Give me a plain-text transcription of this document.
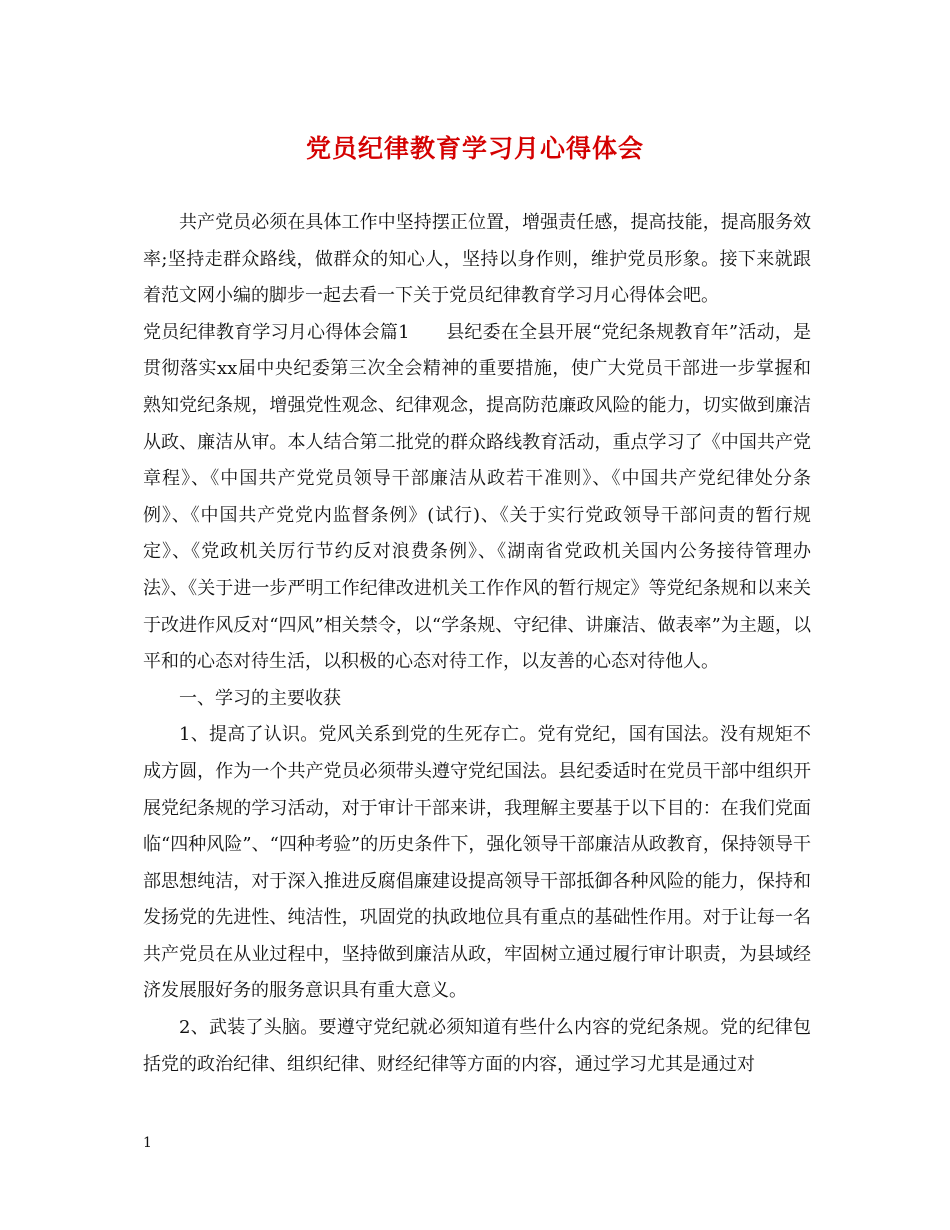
党员纪律教育学习月心得体会

共产党员必须在具体工作中坚持摆正位置，增强责任感，提高技能，提高服务效率;坚持走群众路线，做群众的知心人，坚持以身作则，维护党员形象。接下来就跟着范文网小编的脚步一起去看一下关于党员纪律教育学习月心得体会吧。

党员纪律教育学习月心得体会篇1　　县纪委在全县开展“党纪条规教育年”活动，是贯彻落实xx届中央纪委第三次全会精神的重要措施，使广大党员干部进一步掌握和熟知党纪条规，增强党性观念、纪律观念，提高防范廉政风险的能力，切实做到廉洁从政、廉洁从审。本人结合第二批党的群众路线教育活动，重点学习了《中国共产党章程》、《中国共产党党员领导干部廉洁从政若干准则》、《中国共产党纪律处分条例》、《中国共产党党内监督条例》(试行)、《关于实行党政领导干部问责的暂行规定》、《党政机关厉行节约反对浪费条例》、《湖南省党政机关国内公务接待管理办法》、《关于进一步严明工作纪律改进机关工作作风的暂行规定》等党纪条规和以来关于改进作风反对“四风”相关禁令，以“学条规、守纪律、讲廉洁、做表率”为主题，以平和的心态对待生活，以积极的心态对待工作，以友善的心态对待他人。

一、学习的主要收获

1、提高了认识。党风关系到党的生死存亡。党有党纪，国有国法。没有规矩不成方圆，作为一个共产党员必须带头遵守党纪国法。县纪委适时在党员干部中组织开展党纪条规的学习活动，对于审计干部来讲，我理解主要基于以下目的：在我们党面临“四种风险”、“四种考验”的历史条件下，强化领导干部廉洁从政教育，保持领导干部思想纯洁，对于深入推进反腐倡廉建设提高领导干部抵御各种风险的能力，保持和发扬党的先进性、纯洁性，巩固党的执政地位具有重点的基础性作用。对于让每一名共产党员在从业过程中，坚持做到廉洁从政，牢固树立通过履行审计职责，为县域经济发展服好务的服务意识具有重大意义。

2、武装了头脑。要遵守党纪就必须知道有些什么内容的党纪条规。党的纪律包括党的政治纪律、组织纪律、财经纪律等方面的内容，通过学习尤其是通过对

1
